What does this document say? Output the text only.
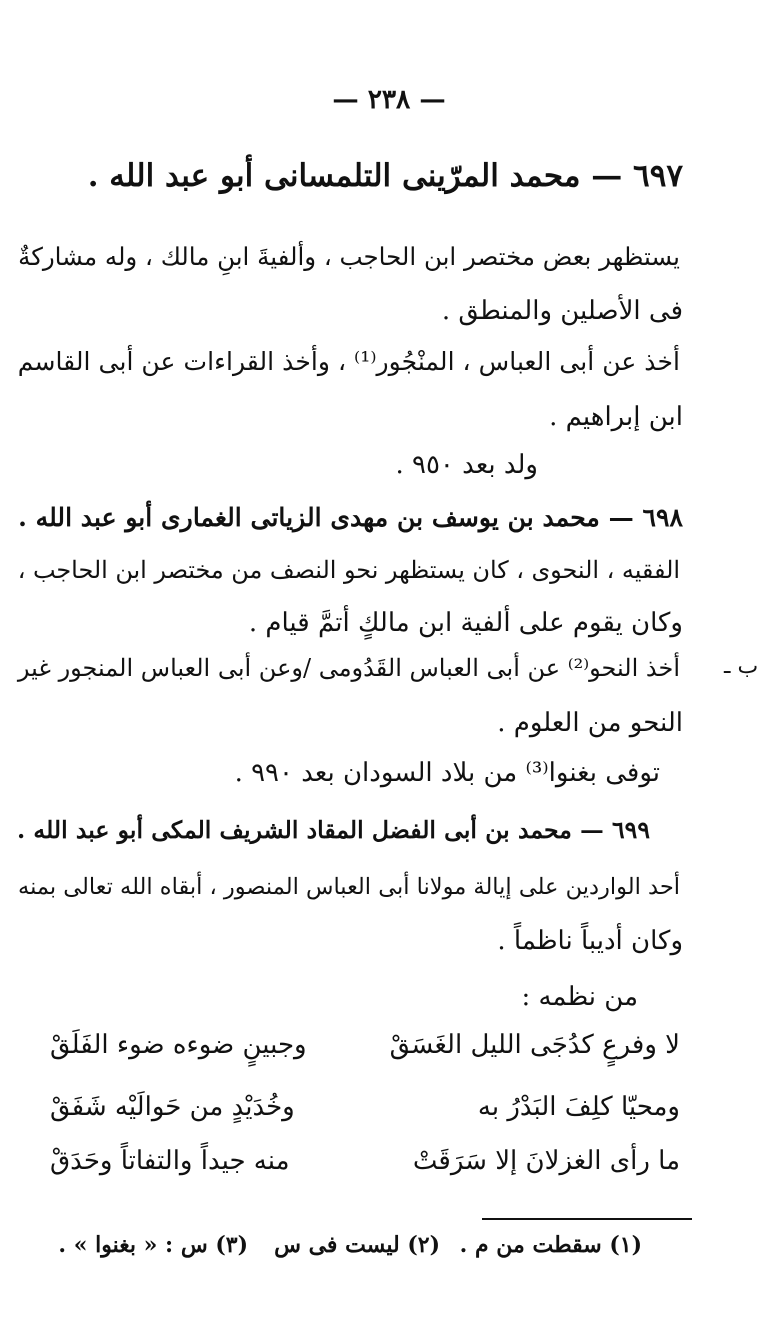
— ٢٣٨ —
٦٩٧ — محمد المرّينى التلمسانى أبو عبد الله .
يستظهر بعض مختصر ابن الحاجب ، وألفيةَ ابنِ مالك ، وله مشاركةٌ
فى الأصلين والمنطق .
أخذ عن أبى العباس ، المنْجُور⁽¹⁾ ، وأخذ القراءات عن أبى القاسم
ابن إبراهيم .
ولد بعد ٩٥٠ .
٦٩٨ — محمد بن يوسف بن مهدى الزياتى الغمارى أبو عبد الله .
الفقيه ، النحوى ، كان يستظهر نحو النصف من مختصر ابن الحاجب ،
وكان يقوم على ألفية ابن مالكٍ أتمَّ قيام .
أخذ النحو⁽²⁾ عن أبى العباس القَدُومى /وعن أبى العباس المنجور غير
النحو من العلوم .
توفى بغنوا⁽³⁾ من بلاد السودان بعد ٩٩٠ .
ب ـ
٦٩٩ — محمد بن أبى الفضل المقاد الشريف المكى أبو عبد الله .
أحد الواردين على إيالة مولانا أبى العباس المنصور ، أبقاه الله تعالى بمنه
وكان أديباً ناظماً .
من نظمه :
لا وفرعٍ كدُجَى الليل الغَسَقْ
وجبينٍ ضوءه ضوء الفَلَقْ
ومحيّا كلِفَ البَدْرُ به
وخُدَيْدٍ من حَوالَيْه شَفَقْ
ما رأى الغزلانَ إلا سَرَقَتْ
منه جيداً والتفاتاً وحَدَقْ
(١) سقطت من م .
(٢) ليست فى س
(٣) س : « بغنوا » .
